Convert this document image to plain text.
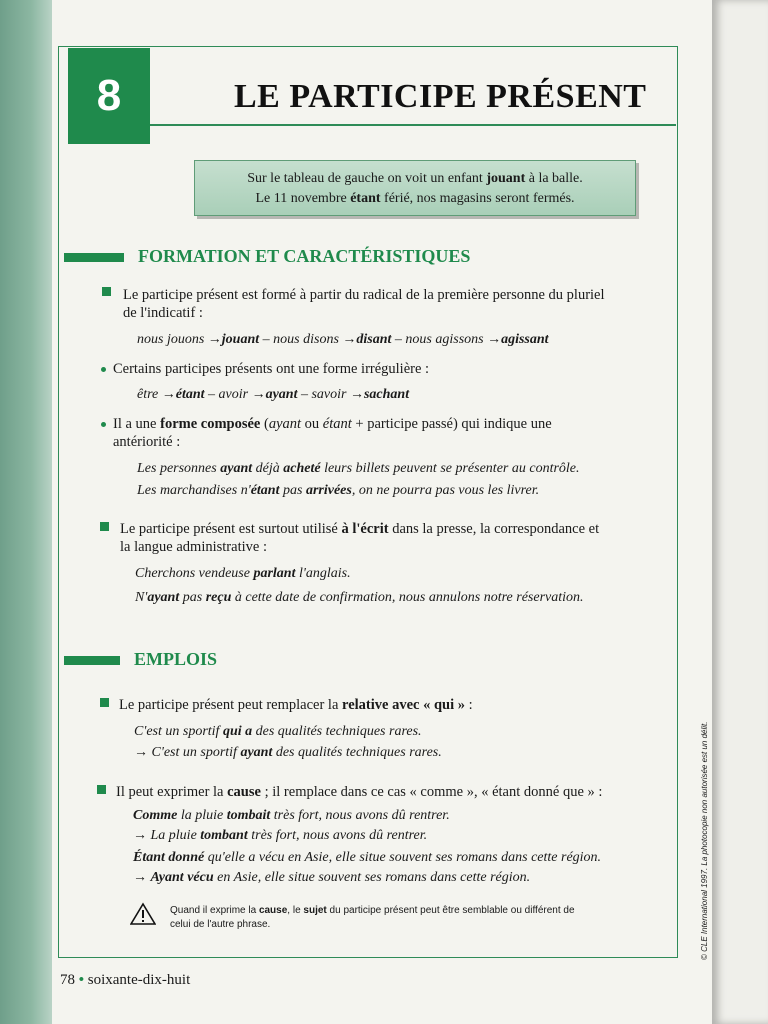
8	LE PARTICIPE PRÉSENT
Sur le tableau de gauche on voit un enfant jouant à la balle.
Le 11 novembre étant férié, nos magasins seront fermés.
FORMATION ET CARACTÉRISTIQUES
Le participe présent est formé à partir du radical de la première personne du pluriel
de l'indicatif :
nous jouons →jouant – nous disons →disant – nous agissons →agissant
Certains participes présents ont une forme irrégulière :
être →étant – avoir →ayant – savoir →sachant
Il a une forme composée (ayant ou étant + participe passé) qui indique une
antériorité :
Les personnes ayant déjà acheté leurs billets peuvent se présenter au contrôle.
Les marchandises n'étant pas arrivées, on ne pourra pas vous les livrer.
Le participe présent est surtout utilisé à l'écrit dans la presse, la correspondance et
la langue administrative :
Cherchons vendeuse parlant l'anglais.
N'ayant pas reçu à cette date de confirmation, nous annulons notre réservation.
EMPLOIS
Le participe présent peut remplacer la relative avec « qui » :
C'est un sportif qui a des qualités techniques rares.
→ C'est un sportif ayant des qualités techniques rares.
Il peut exprimer la cause ; il remplace dans ce cas « comme », « étant donné que » :
Comme la pluie tombait très fort, nous avons dû rentrer.
→ La pluie tombant très fort, nous avons dû rentrer.
Étant donné qu'elle a vécu en Asie, elle situe souvent ses romans dans cette région.
→ Ayant vécu en Asie, elle situe souvent ses romans dans cette région.
Quand il exprime la cause, le sujet du participe présent peut être semblable ou différent de
celui de l'autre phrase.
78 • soixante-dix-huit
© CLE International 1997. La photocopie non autorisée est un délit.
